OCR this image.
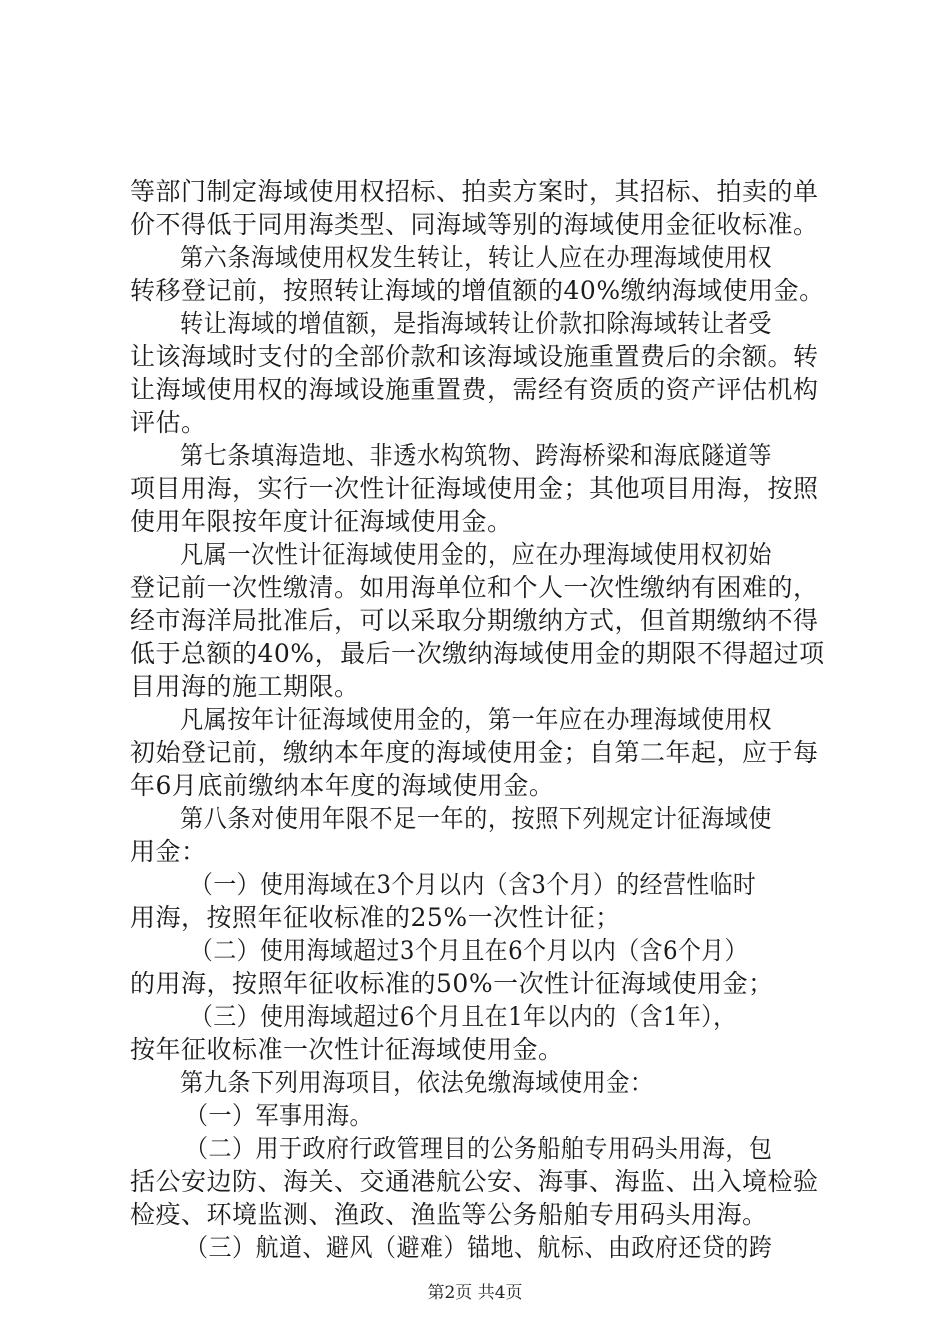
等部门制定海域使用权招标、拍卖方案时，其招标、拍卖的单
价不得低于同用海类型、同海域等别的海域使用金征收标准。
第六条海域使用权发生转让，转让人应在办理海域使用权
转移登记前，按照转让海域的增值额的40%缴纳海域使用金。
转让海域的增值额，是指海域转让价款扣除海域转让者受
让该海域时支付的全部价款和该海域设施重置费后的余额。转
让海域使用权的海域设施重置费，需经有资质的资产评估机构
评估。
第七条填海造地、非透水构筑物、跨海桥梁和海底隧道等
项目用海，实行一次性计征海域使用金；其他项目用海，按照
使用年限按年度计征海域使用金。
凡属一次性计征海域使用金的，应在办理海域使用权初始
登记前一次性缴清。如用海单位和个人一次性缴纳有困难的，
经市海洋局批准后，可以采取分期缴纳方式，但首期缴纳不得
低于总额的40%，最后一次缴纳海域使用金的期限不得超过项
目用海的施工期限。
凡属按年计征海域使用金的，第一年应在办理海域使用权
初始登记前，缴纳本年度的海域使用金；自第二年起，应于每
年6月底前缴纳本年度的海域使用金。
第八条对使用年限不足一年的，按照下列规定计征海域使
用金：
（一）使用海域在3个月以内（含3个月）的经营性临时
用海，按照年征收标准的25%一次性计征；
（二）使用海域超过3个月且在6个月以内（含6个月）
的用海，按照年征收标准的50%一次性计征海域使用金；
（三）使用海域超过6个月且在1年以内的（含1年），
按年征收标准一次性计征海域使用金。
第九条下列用海项目，依法免缴海域使用金：
（一）军事用海。
（二）用于政府行政管理目的公务船舶专用码头用海，包
括公安边防、海关、交通港航公安、海事、海监、出入境检验
检疫、环境监测、渔政、渔监等公务船舶专用码头用海。
（三）航道、避风（避难）锚地、航标、由政府还贷的跨
第2页 共4页
